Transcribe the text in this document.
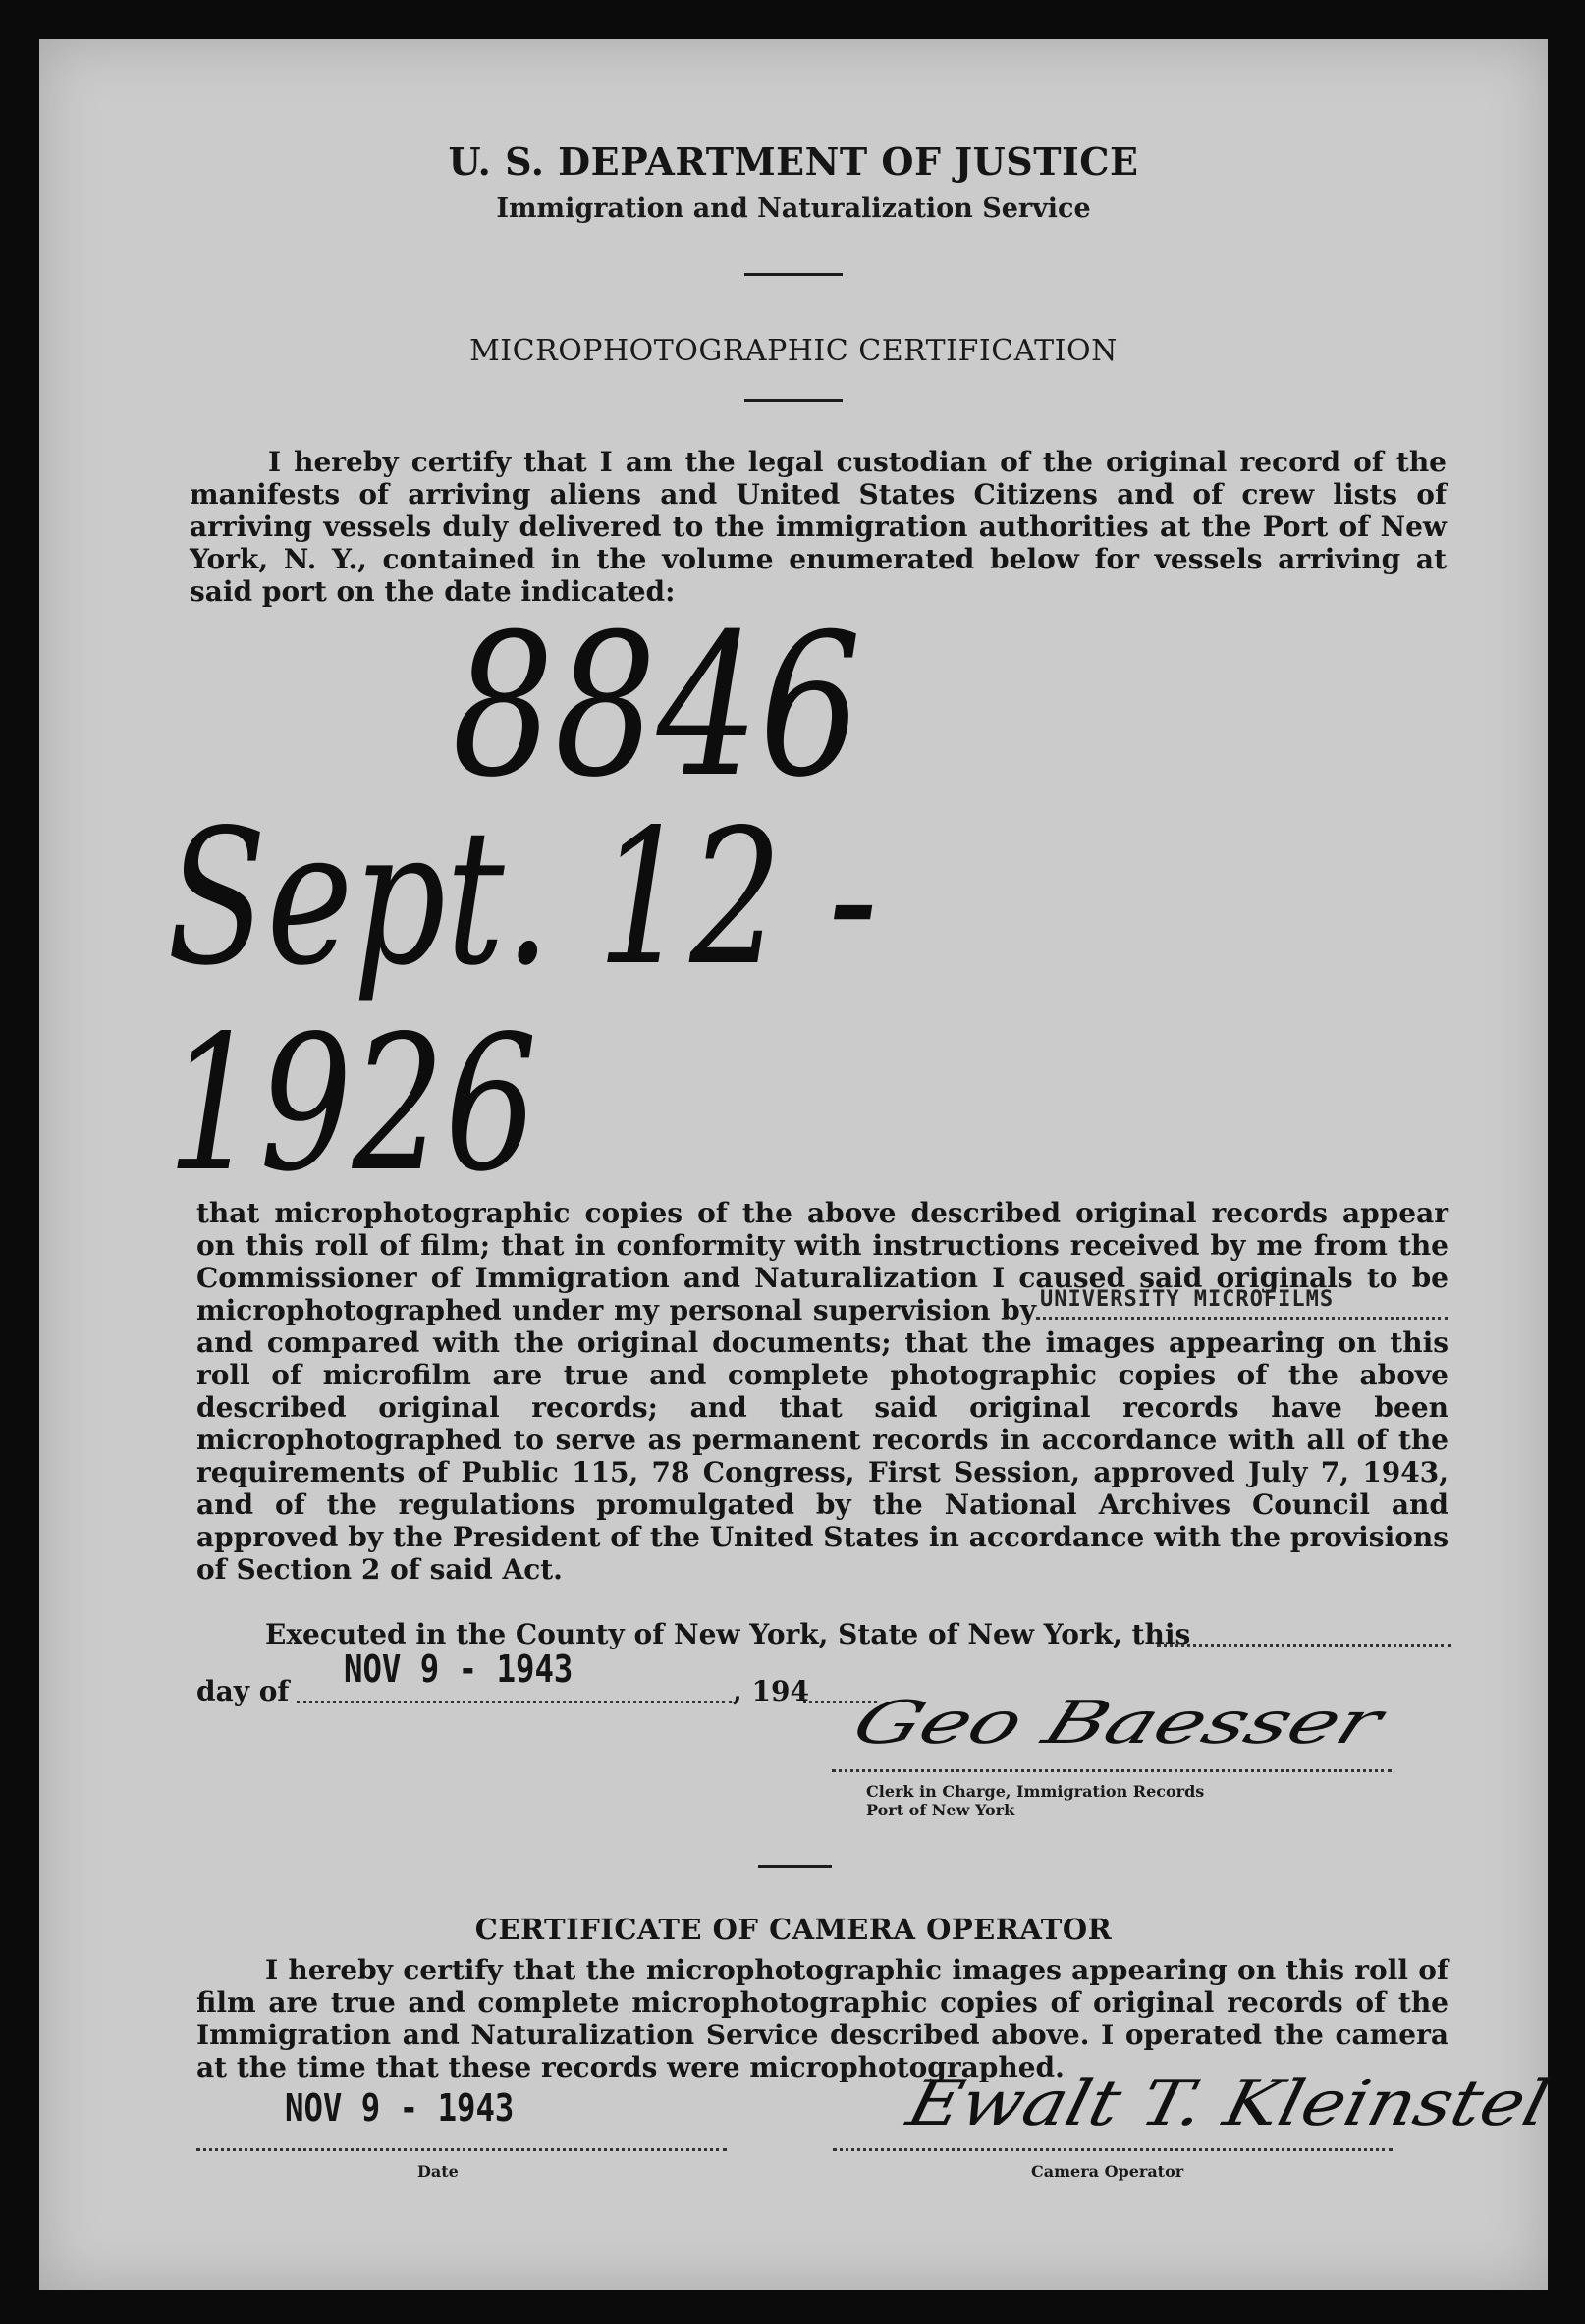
U. S. DEPARTMENT OF JUSTICE
Immigration and Naturalization Service
MICROPHOTOGRAPHIC CERTIFICATION

I hereby certify that I am the legal custodian of the original record of the manifests of arriving aliens and United States Citizens and of crew lists of arriving vessels duly delivered to the immigration authorities at the Port of New York, N. Y., contained in the volume enumerated below for vessels arriving at said port on the date indicated:

8846
Sept. 12 - 1926

that microphotographic copies of the above described original records appear on this roll of film; that in conformity with instructions received by me from the Commissioner of Immigration and Naturalization I caused said originals to be microphotographed under my personal supervision by UNIVERSITY MICROFILMS
and compared with the original documents; that the images appearing on this roll of microfilm are true and complete photographic copies of the above described original records; and that said original records have been microphotographed to serve as permanent records in accordance with all of the requirements of Public 115, 78 Congress, First Session, approved July 7, 1943, and of the regulations promulgated by the National Archives Council and approved by the President of the United States in accordance with the provisions of Section 2 of said Act.

Executed in the County of New York, State of New York, this
day of
NOV 9 - 1943
, 194 Geo Baesser
Clerk in Charge, Immigration Records
Port of New York
CERTIFICATE OF CAMERA OPERATOR

I hereby certify that the microphotographic images appearing on this roll of film are true and complete microphotographic copies of original records of the Immigration and Naturalization Service described above. I operated the camera at the time that these records were microphotographed.

NOV 9 - 1943
Date
Ewalt T. Kleinstel
Camera Operator
